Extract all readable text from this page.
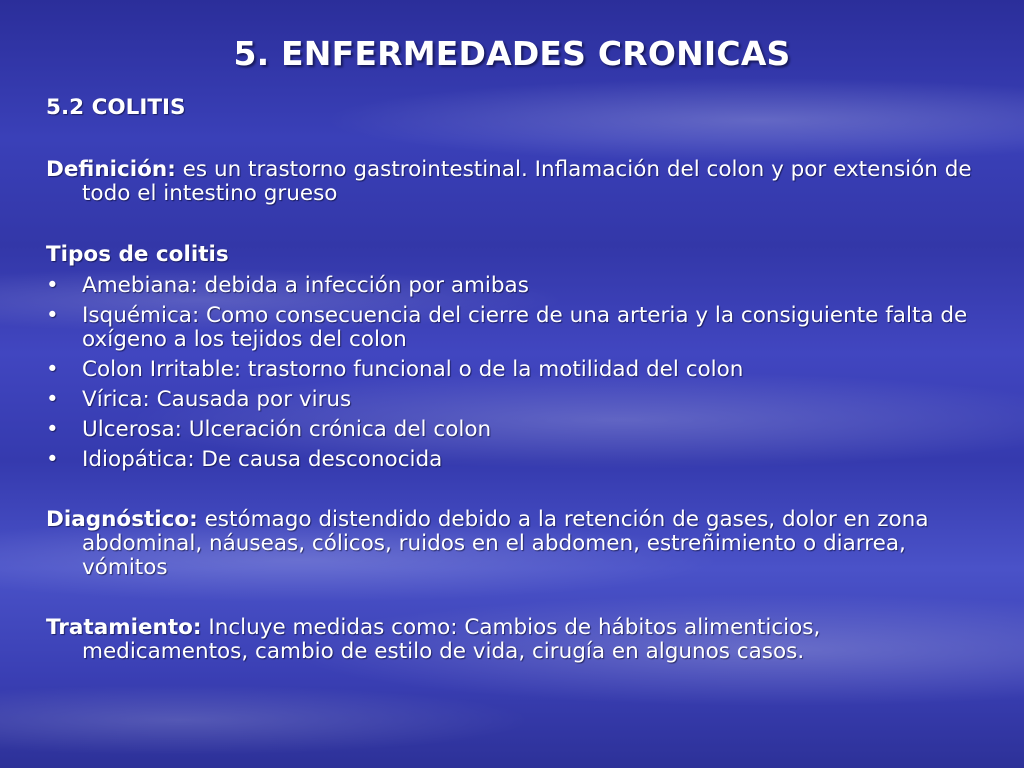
5. ENFERMEDADES CRONICAS
5.2 COLITIS
Definición: es un trastorno gastrointestinal. Inflamación del colon y por extensión de todo el intestino grueso
Tipos de colitis
•	Amebiana: debida a infección por amibas
•	Isquémica: Como consecuencia del cierre de una arteria y la consiguiente falta de oxígeno a los tejidos del colon
•	Colon Irritable: trastorno funcional o de la motilidad del colon
•	Vírica: Causada por virus
•	Ulcerosa: Ulceración crónica del colon
•	Idiopática: De causa desconocida
Diagnóstico: estómago distendido debido a la retención de gases, dolor en zona abdominal, náuseas, cólicos, ruidos en el abdomen, estreñimiento o diarrea, vómitos
Tratamiento: Incluye medidas como: Cambios de hábitos alimenticios, medicamentos, cambio de estilo de vida, cirugía en algunos casos.
